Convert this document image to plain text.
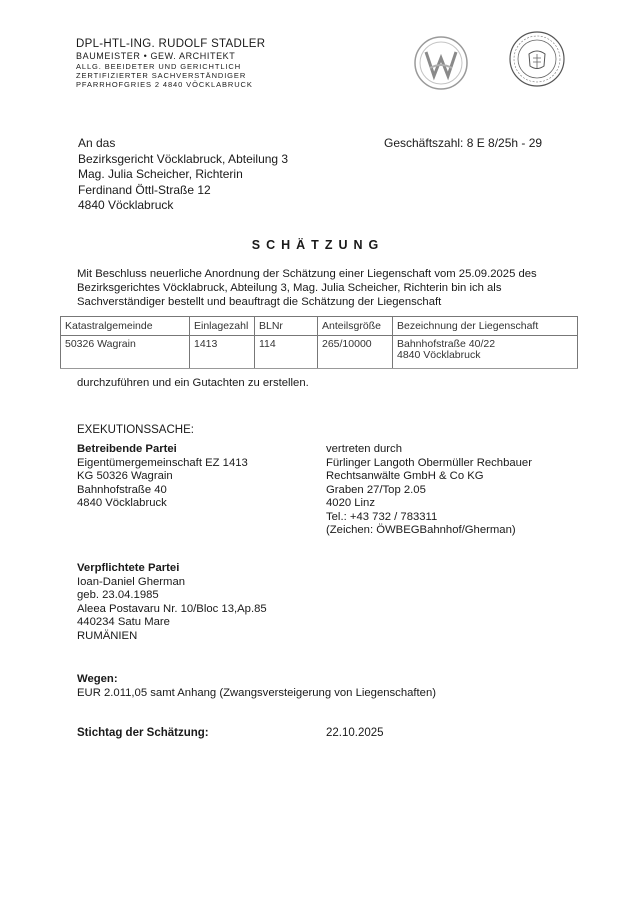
DPL-HTL-ING. RUDOLF STADLER
BAUMEISTER • GEW. ARCHITEKT
ALLG. BEEIDETER UND GERICHTLICH
ZERTIFIZIERTER SACHVERSTÄNDIGER
PFARRHOFGRIES 2 4840 VÖCKLABRUCK
An das
Bezirksgericht Vöcklabruck, Abteilung 3
Mag. Julia Scheicher, Richterin
Ferdinand Öttl-Straße 12
4840 Vöcklabruck
Geschäftszahl: 8 E 8/25h - 29
SCHÄTZUNG
Mit Beschluss neuerliche Anordnung der Schätzung einer Liegenschaft vom 25.09.2025 des Bezirksgerichtes Vöcklabruck, Abteilung 3, Mag. Julia Scheicher, Richterin bin ich als Sachverständiger bestellt und beauftragt die Schätzung der Liegenschaft
Katastralgemeinde	Einlagezahl	BLNr	Anteilsgröße	Bezeichnung der Liegenschaft
50326 Wagrain	1413	114	265/10000	Bahnhofstraße 40/22
4840 Vöcklabruck
durchzuführen und ein Gutachten zu erstellen.
EXEKUTIONSSACHE:
Betreibende Partei
Eigentümergemeinschaft EZ 1413
KG 50326 Wagrain
Bahnhofstraße 40
4840 Vöcklabruck
vertreten durch
Fürlinger Langoth Obermüller Rechbauer
Rechtsanwälte GmbH & Co KG
Graben 27/Top 2.05
4020 Linz
Tel.: +43 732 / 783311
(Zeichen: ÖWBEGBahnhof/Gherman)
Verpflichtete Partei
Ioan-Daniel Gherman
geb. 23.04.1985
Aleea Postavaru Nr. 10/Bloc 13,Ap.85
440234 Satu Mare
RUMÄNIEN
Wegen:
EUR 2.011,05 samt Anhang (Zwangsversteigerung von Liegenschaften)
Stichtag der Schätzung:	22.10.2025
